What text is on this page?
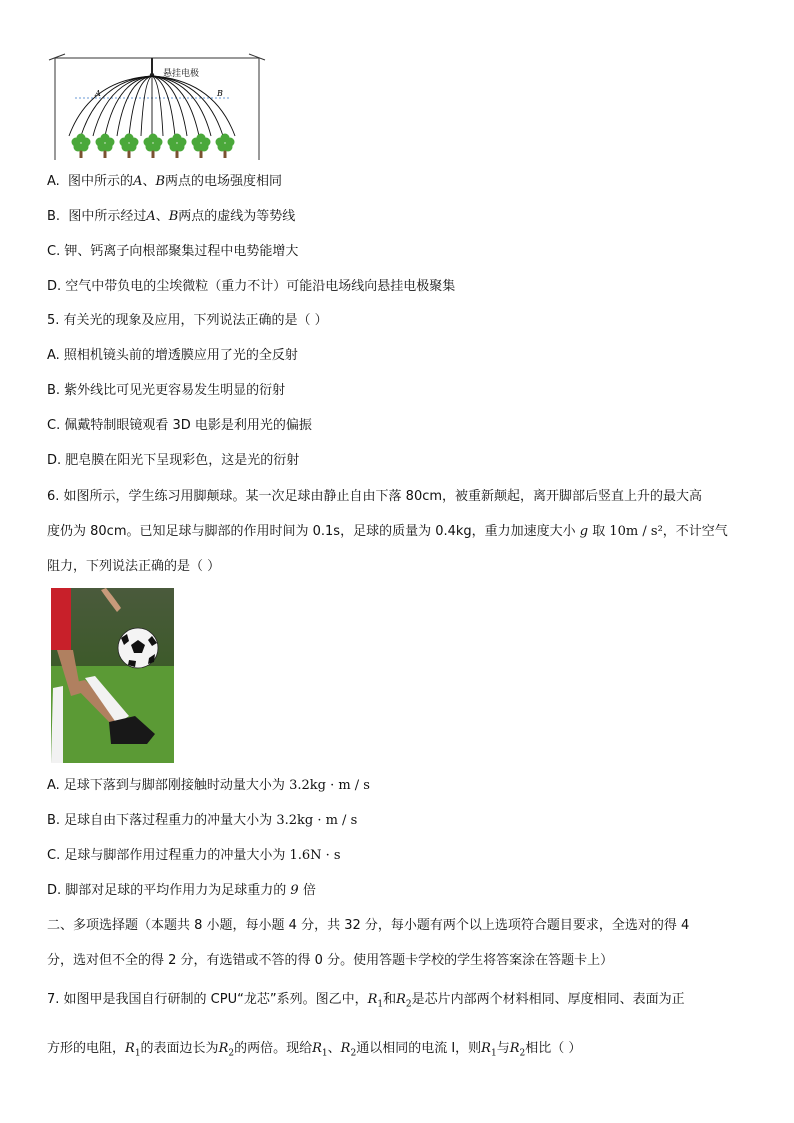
悬挂电极
A	B
A.  图中所示的A、B两点的电场强度相同
B.  图中所示经过A、B两点的虚线为等势线
C. 钾、钙离子向根部聚集过程中电势能增大
D. 空气中带负电的尘埃微粒（重力不计）可能沿电场线向悬挂电极聚集
5. 有关光的现象及应用，下列说法正确的是（ ）
A. 照相机镜头前的增透膜应用了光的全反射
B. 紫外线比可见光更容易发生明显的衍射
C. 佩戴特制眼镜观看 3D 电影是利用光的偏振
D. 肥皂膜在阳光下呈现彩色，这是光的衍射
6. 如图所示，学生练习用脚颠球。某一次足球由静止自由下落 80cm，被重新颠起，离开脚部后竖直上升的最大高
度仍为 80cm。已知足球与脚部的作用时间为 0.1s，足球的质量为 0.4kg，重力加速度大小 g 取 10m / s²，不计空气
阻力，下列说法正确的是（ ）
A. 足球下落到与脚部刚接触时动量大小为 3.2kg · m / s
B. 足球自由下落过程重力的冲量大小为 3.2kg · m / s
C. 足球与脚部作用过程重力的冲量大小为 1.6N · s
D. 脚部对足球的平均作用力为足球重力的 9 倍
二、多项选择题（本题共 8 小题，每小题 4 分，共 32 分，每小题有两个以上选项符合题目要求，全选对的得 4
分，选对但不全的得 2 分，有选错或不答的得 0 分。使用答题卡学校的学生将答案涂在答题卡上）
7. 如图甲是我国自行研制的 CPU“龙芯”系列。图乙中，$R_1$和$R_2$是芯片内部两个材料相同、厚度相同、表面为正
方形的电阻，$R_1$的表面边长为$R_2$的两倍。现给$R_1$、$R_2$通以相同的电流 I，则$R_1$与$R_2$相比（ ）
